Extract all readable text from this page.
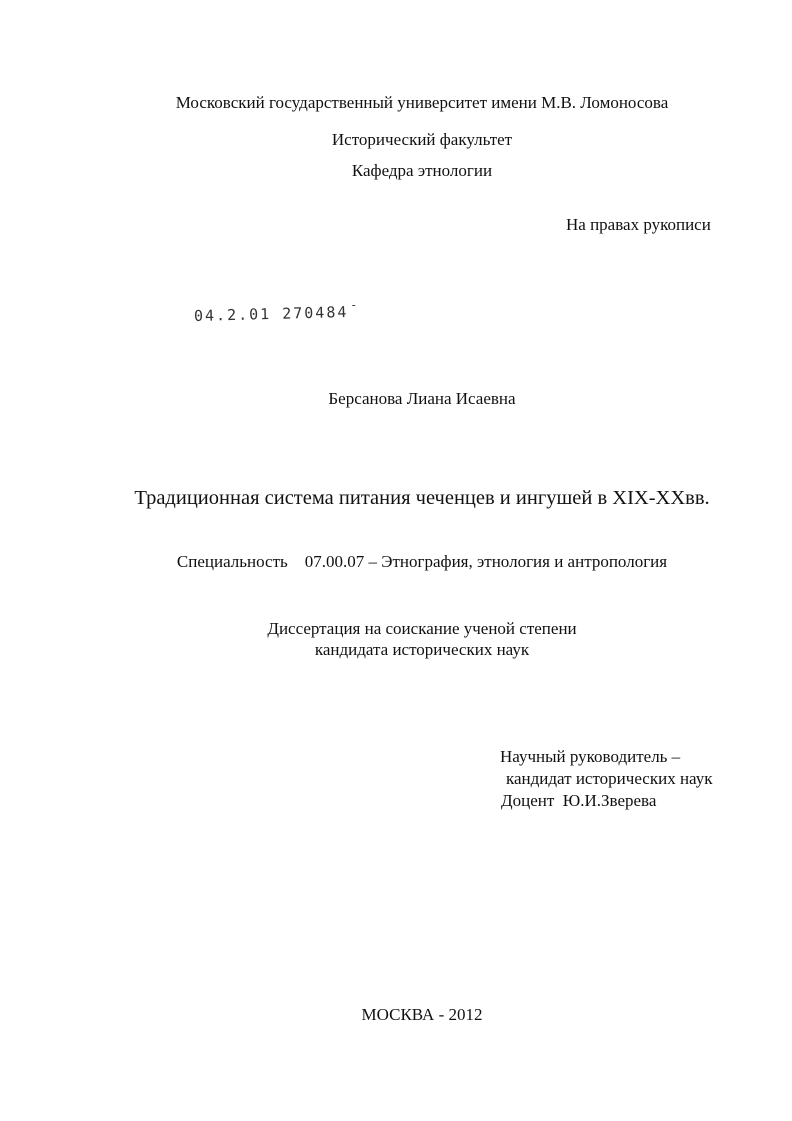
Московский государственный университет имени М.В. Ломоносова
Исторический факультет
Кафедра этнологии
На правах рукописи
04.2.01 270484-
Берсанова Лиана Исаевна
Традиционная система питания чеченцев и ингушей в XIX-XXвв.
Специальность 07.00.07 – Этнография, этнология и антропология
Диссертация на соискание ученой степени
кандидата исторических наук
Научный руководитель –
кандидат исторических наук
Доцент  Ю.И.Зверева
МОСКВА - 2012
